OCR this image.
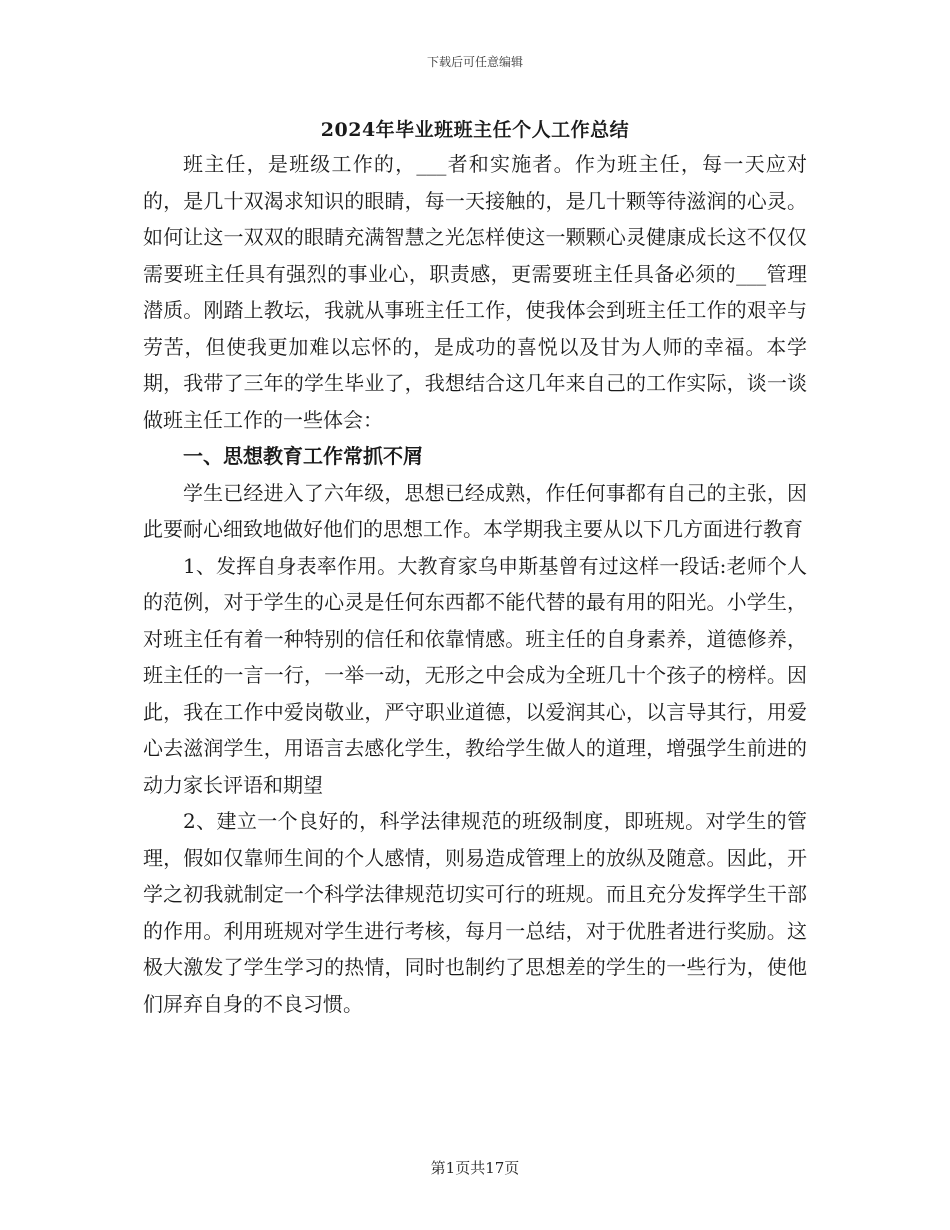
下载后可任意编辑
2024年毕业班班主任个人工作总结

班主任，是班级工作的，___者和实施者。作为班主任，每一天应对的，是几十双渴求知识的眼睛，每一天接触的，是几十颗等待滋润的心灵。如何让这一双双的眼睛充满智慧之光怎样使这一颗颗心灵健康成长这不仅仅需要班主任具有强烈的事业心，职责感，更需要班主任具备必须的___管理潜质。刚踏上教坛，我就从事班主任工作，使我体会到班主任工作的艰辛与劳苦，但使我更加难以忘怀的，是成功的喜悦以及甘为人师的幸福。本学期，我带了三年的学生毕业了，我想结合这几年来自己的工作实际，谈一谈做班主任工作的一些体会：

一、思想教育工作常抓不屑

学生已经进入了六年级，思想已经成熟，作任何事都有自己的主张，因此要耐心细致地做好他们的思想工作。本学期我主要从以下几方面进行教育

1、发挥自身表率作用。大教育家乌申斯基曾有过这样一段话:老师个人的范例，对于学生的心灵是任何东西都不能代替的最有用的阳光。小学生，对班主任有着一种特别的信任和依靠情感。班主任的自身素养，道德修养，班主任的一言一行，一举一动，无形之中会成为全班几十个孩子的榜样。因此，我在工作中爱岗敬业，严守职业道德，以爱润其心，以言导其行，用爱心去滋润学生，用语言去感化学生，教给学生做人的道理，增强学生前进的动力家长评语和期望

2、建立一个良好的，科学法律规范的班级制度，即班规。对学生的管理，假如仅靠师生间的个人感情，则易造成管理上的放纵及随意。因此，开学之初我就制定一个科学法律规范切实可行的班规。而且充分发挥学生干部的作用。利用班规对学生进行考核，每月一总结，对于优胜者进行奖励。这极大激发了学生学习的热情，同时也制约了思想差的学生的一些行为，使他们屏弃自身的不良习惯。

第1页共17页
